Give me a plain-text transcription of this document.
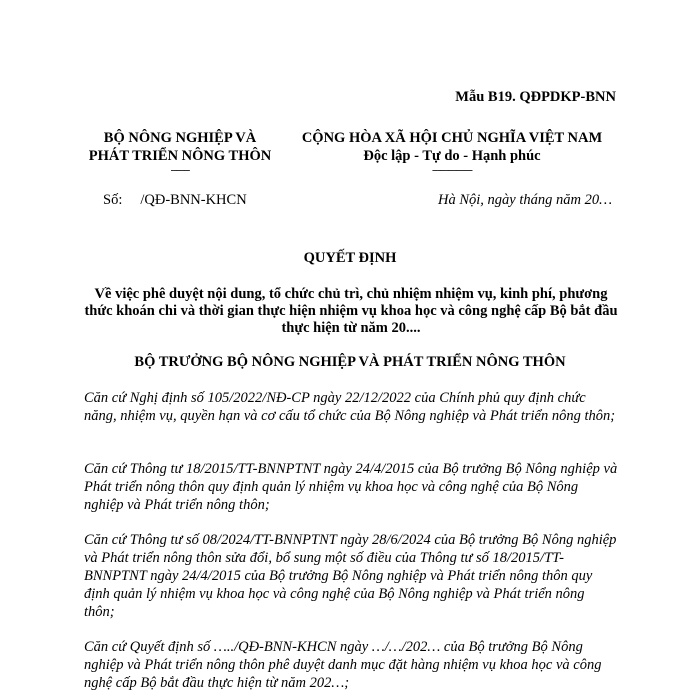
Mẫu B19. QĐPDKP-BNN
BỘ NÔNG NGHIỆP VÀ
PHÁT TRIỂN NÔNG THÔN
-------
CỘNG HÒA XÃ HỘI CHỦ NGHĨA VIỆT NAM
Độc lập - Tự do - Hạnh phúc
---------------
Số: /QĐ-BNN-KHCN	Hà Nội, ngày tháng năm 20…
QUYẾT ĐỊNH
Về việc phê duyệt nội dung, tổ chức chủ trì, chủ nhiệm nhiệm vụ, kinh phí, phương thức khoán chi và thời gian thực hiện nhiệm vụ khoa học và công nghệ cấp Bộ bắt đầu thực hiện từ năm 20....
BỘ TRƯỞNG BỘ NÔNG NGHIỆP VÀ PHÁT TRIỂN NÔNG THÔN
Căn cứ Nghị định số 105/2022/NĐ-CP ngày 22/12/2022 của Chính phủ quy định chức năng, nhiệm vụ, quyền hạn và cơ cấu tổ chức của Bộ Nông nghiệp và Phát triển nông thôn;
Căn cứ Thông tư 18/2015/TT-BNNPTNT ngày 24/4/2015 của Bộ trưởng Bộ Nông nghiệp và Phát triển nông thôn quy định quản lý nhiệm vụ khoa học và công nghệ của Bộ Nông nghiệp và Phát triển nông thôn;
Căn cứ Thông tư số 08/2024/TT-BNNPTNT ngày 28/6/2024 của Bộ trưởng Bộ Nông nghiệp và Phát triển nông thôn sửa đổi, bổ sung một số điều của Thông tư số 18/2015/TT-BNNPTNT ngày 24/4/2015 của Bộ trưởng Bộ Nông nghiệp và Phát triển nông thôn quy định quản lý nhiệm vụ khoa học và công nghệ của Bộ Nông nghiệp và Phát triển nông thôn;
Căn cứ Quyết định số …../QĐ-BNN-KHCN ngày …/…/202… của Bộ trưởng Bộ Nông nghiệp và Phát triển nông thôn phê duyệt danh mục đặt hàng nhiệm vụ khoa học và công nghệ cấp Bộ bắt đầu thực hiện từ năm 202…;
